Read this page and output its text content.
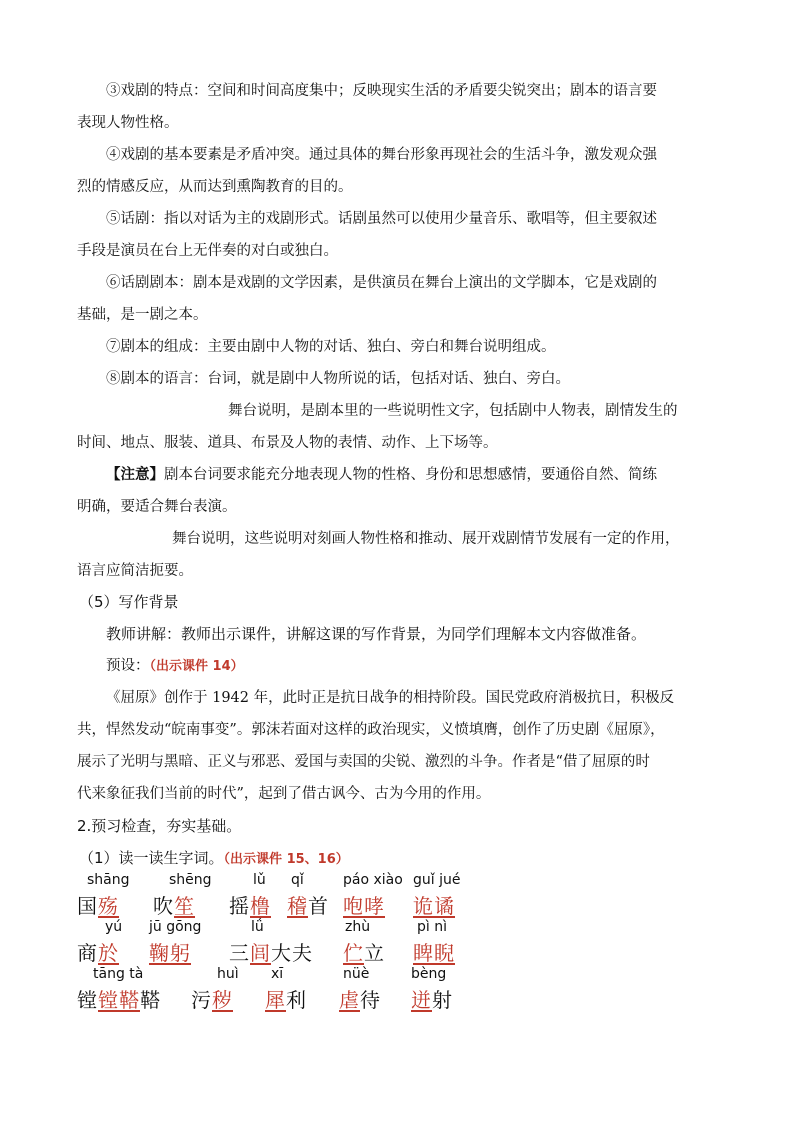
③戏剧的特点：空间和时间高度集中；反映现实生活的矛盾要尖锐突出；剧本的语言要
表现人物性格。
④戏剧的基本要素是矛盾冲突。通过具体的舞台形象再现社会的生活斗争，激发观众强
烈的情感反应，从而达到熏陶教育的目的。
⑤话剧：指以对话为主的戏剧形式。话剧虽然可以使用少量音乐、歌唱等，但主要叙述
手段是演员在台上无伴奏的对白或独白。
⑥话剧剧本：剧本是戏剧的文学因素，是供演员在舞台上演出的文学脚本，它是戏剧的
基础，是一剧之本。
⑦剧本的组成：主要由剧中人物的对话、独白、旁白和舞台说明组成。
⑧剧本的语言：台词，就是剧中人物所说的话，包括对话、独白、旁白。
舞台说明，是剧本里的一些说明性文字，包括剧中人物表，剧情发生的
时间、地点、服装、道具、布景及人物的表情、动作、上下场等。
【注意】剧本台词要求能充分地表现人物的性格、身份和思想感情，要通俗自然、简练
明确，要适合舞台表演。
舞台说明，这些说明对刻画人物性格和推动、展开戏剧情节发展有一定的作用，
语言应简洁扼要。
（5）写作背景
教师讲解：教师出示课件，讲解这课的写作背景，为同学们理解本文内容做准备。
预设：（出示课件 14）
《屈原》创作于 1942 年，此时正是抗日战争的相持阶段。国民党政府消极抗日，积极反
共，悍然发动“皖南事变”。郭沫若面对这样的政治现实，义愤填膺，创作了历史剧《屈原》，
展示了光明与黑暗、正义与邪恶、爱国与卖国的尖锐、激烈的斗争。作者是“借了屈原的时
代来象征我们当前的时代”，起到了借古讽今、古为今用的作用。
2.预习检查，夯实基础。
（1）读一读生字词。（出示课件 15、16）
shāng
国殇
shēng
吹笙
lǔ
摇橹
qǐ
稽首
páo xiào
咆哮
guǐ jué
诡谲
yú
商於
jū gōng
鞠躬
lǘ
三闾大夫
zhù
伫立
pì nì
睥睨
tāng tà
镗镗鞳鞳
huì
污秽
xī
犀利
nüè
虐待
bèng
迸射
